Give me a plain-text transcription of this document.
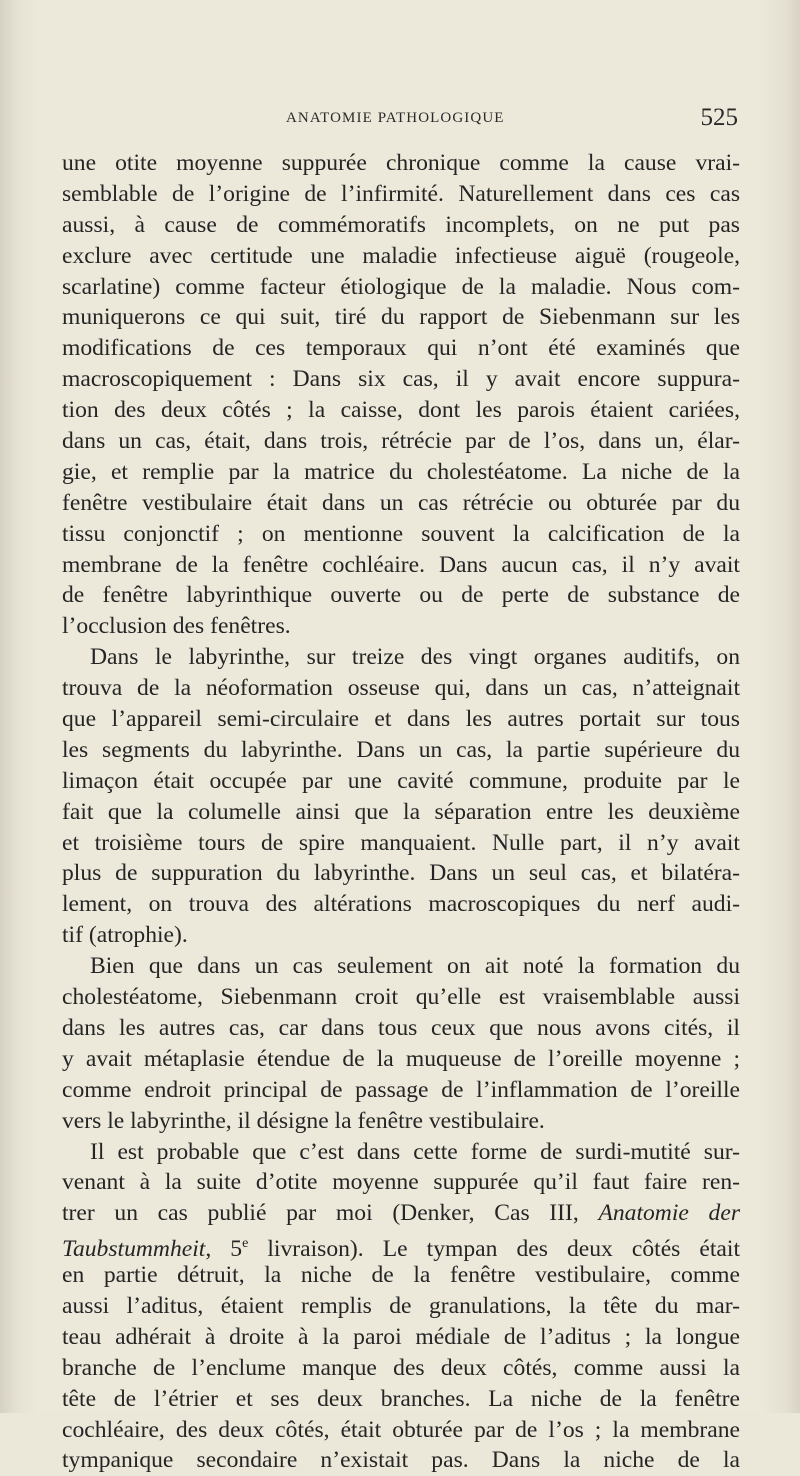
ANATOMIE PATHOLOGIQUE	525
une otite moyenne suppurée chronique comme la cause vrai-
semblable de l’origine de l’infirmité. Naturellement dans ces cas
aussi, à cause de commémoratifs incomplets, on ne put pas
exclure avec certitude une maladie infectieuse aiguë (rougeole,
scarlatine) comme facteur étiologique de la maladie. Nous com-
muniquerons ce qui suit, tiré du rapport de Siebenmann sur les
modifications de ces temporaux qui n’ont été examinés que
macroscopiquement : Dans six cas, il y avait encore suppura-
tion des deux côtés ; la caisse, dont les parois étaient cariées,
dans un cas, était, dans trois, rétrécie par de l’os, dans un, élar-
gie, et remplie par la matrice du cholestéatome. La niche de la
fenêtre vestibulaire était dans un cas rétrécie ou obturée par du
tissu conjonctif ; on mentionne souvent la calcification de la
membrane de la fenêtre cochléaire. Dans aucun cas, il n’y avait
de fenêtre labyrinthique ouverte ou de perte de substance de
l’occlusion des fenêtres.
Dans le labyrinthe, sur treize des vingt organes auditifs, on
trouva de la néoformation osseuse qui, dans un cas, n’atteignait
que l’appareil semi-circulaire et dans les autres portait sur tous
les segments du labyrinthe. Dans un cas, la partie supérieure du
limaçon était occupée par une cavité commune, produite par le
fait que la columelle ainsi que la séparation entre les deuxième
et troisième tours de spire manquaient. Nulle part, il n’y avait
plus de suppuration du labyrinthe. Dans un seul cas, et bilatéra-
lement, on trouva des altérations macroscopiques du nerf audi-
tif (atrophie).
Bien que dans un cas seulement on ait noté la formation du
cholestéatome, Siebenmann croit qu’elle est vraisemblable aussi
dans les autres cas, car dans tous ceux que nous avons cités, il
y avait métaplasie étendue de la muqueuse de l’oreille moyenne ;
comme endroit principal de passage de l’inflammation de l’oreille
vers le labyrinthe, il désigne la fenêtre vestibulaire.
Il est probable que c’est dans cette forme de surdi-mutité sur-
venant à la suite d’otite moyenne suppurée qu’il faut faire ren-
trer un cas publié par moi (Denker, Cas III, Anatomie der
Taubstummheit, 5e livraison). Le tympan des deux côtés était
en partie détruit, la niche de la fenêtre vestibulaire, comme
aussi l’aditus, étaient remplis de granulations, la tête du mar-
teau adhérait à droite à la paroi médiale de l’aditus ; la longue
branche de l’enclume manque des deux côtés, comme aussi la
tête de l’étrier et ses deux branches. La niche de la fenêtre
cochléaire, des deux côtés, était obturée par de l’os ; la membrane
tympanique secondaire n’existait pas. Dans la niche de la
